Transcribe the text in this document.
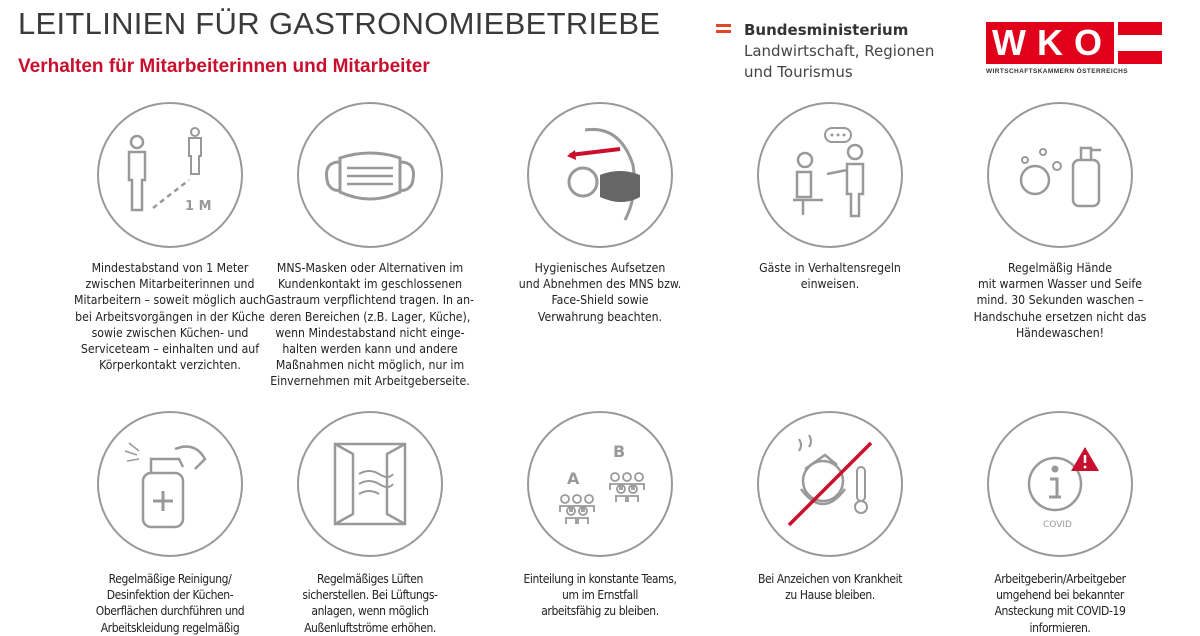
LEITLINIEN FÜR GASTRONOMIEBETRIEBE
Verhalten für Mitarbeiterinnen und Mitarbeiter
Bundesministerium
Landwirtschaft, Regionen
und Tourismus
WKO
WIRTSCHAFTSKAMMERN ÖSTERREICHS
1 M
Mindestabstand von 1 Meter
zwischen Mitarbeiterinnen und
Mitarbeitern – soweit möglich auch
bei Arbeitsvorgängen in der Küche
sowie zwischen Küchen- und
Serviceteam – einhalten und auf
Körperkontakt verzichten.
MNS-Masken oder Alternativen im
Kundenkontakt im geschlossenen
Gastraum verpflichtend tragen. In an-
deren Bereichen (z.B. Lager, Küche),
wenn Mindestabstand nicht einge-
halten werden kann und andere
Maßnahmen nicht möglich, nur im
Einvernehmen mit Arbeitgeberseite.
Hygienisches Aufsetzen
und Abnehmen des MNS bzw.
Face-Shield sowie
Verwahrung beachten.
Gäste in Verhaltensregeln
einweisen.
Regelmäßig Hände
mit warmen Wasser und Seife
mind. 30 Sekunden waschen –
Handschuhe ersetzen nicht das
Händewaschen!
Regelmäßige Reinigung/
Desinfektion der Küchen-
Oberflächen durchführen und
Arbeitskleidung regelmäßig
Regelmäßiges Lüften
sicherstellen. Bei Lüftungs-
anlagen, wenn möglich
Außenluftströme erhöhen.
A
B
Einteilung in konstante Teams,
um im Ernstfall
arbeitsfähig zu bleiben.
Bei Anzeichen von Krankheit
zu Hause bleiben.
COVID
Arbeitgeberin/Arbeitgeber
umgehend bei bekannter
Ansteckung mit COVID-19
informieren.
